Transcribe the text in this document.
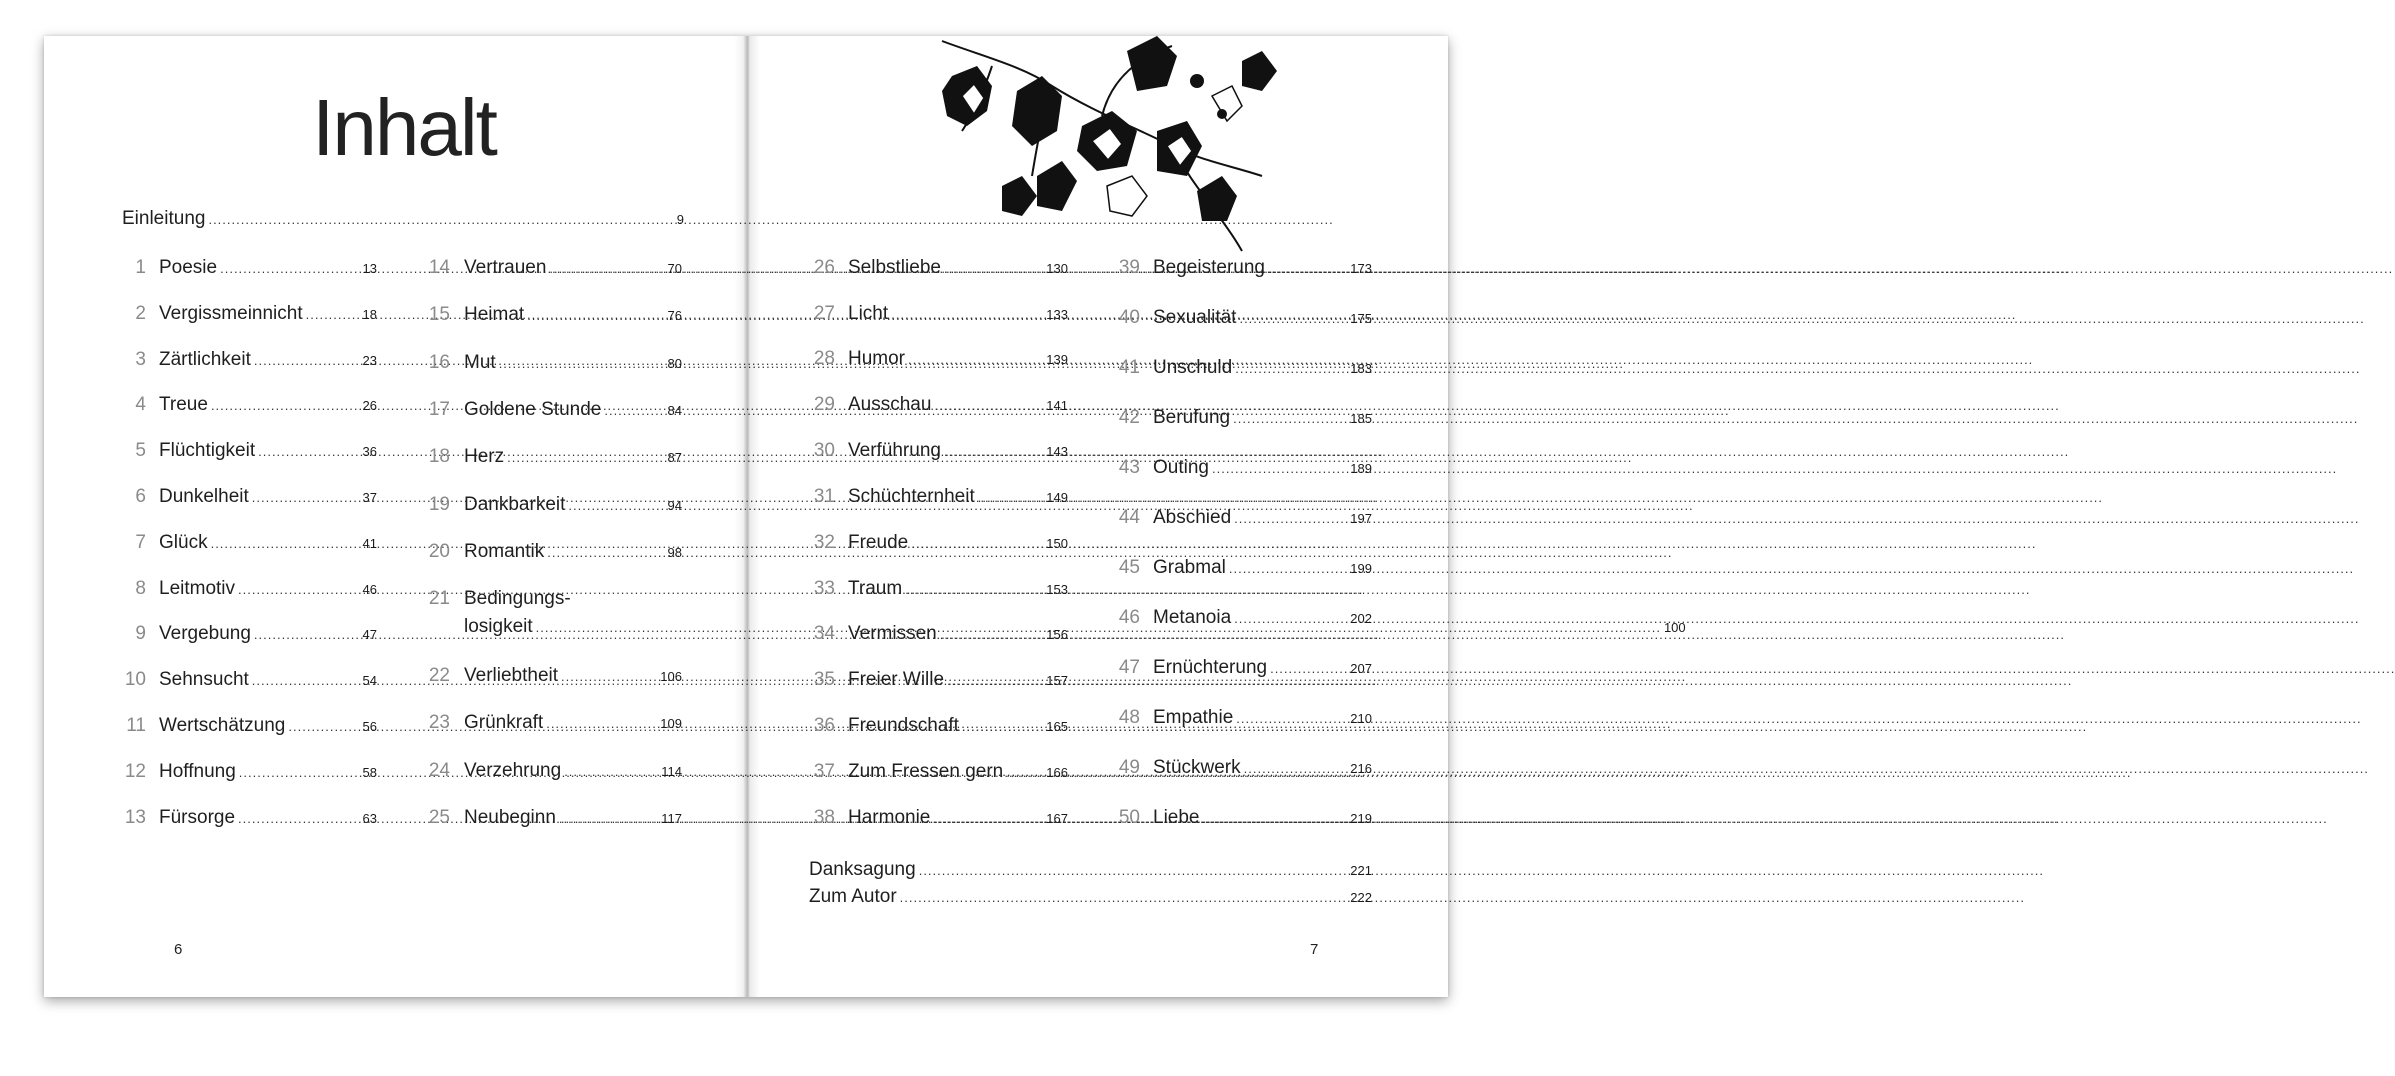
Inhalt
Einleitung .....	9
1 Poesie .....	13
2 Vergissmeinnicht .....	18
3 Zärtlichkeit .....	23
4 Treue .....	26
5 Flüchtigkeit .....	36
6 Dunkelheit .....	37
7 Glück .....	41
8 Leitmotiv .....	46
9 Vergebung .....	47
10 Sehnsucht .....	54
11 Wertschätzung .....	56
12 Hoffnung .....	58
13 Fürsorge .....	63
14 Vertrauen .....	70
15 Heimat .....	76
16 Mut .....	80
17 Goldene Stunde .....	84
18 Herz .....	87
19 Dankbarkeit .....	94
20 Romantik .....	98
21 Bedingungs-
losigkeit .....	100
22 Verliebtheit .....	106
23 Grünkraft .....	109
24 Verzehrung .....	114
25 Neubeginn .....	117
6
26 Selbstliebe .....	130
27 Licht .....	133
28 Humor .....	139
29 Ausschau .....	141
30 Verführung .....	143
31 Schüchternheit .....	149
32 Freude .....	150
33 Traum .....	153
34 Vermissen .....	156
35 Freier Wille .....	157
36 Freundschaft .....	165
37 Zum Fressen gern .....	166
38 Harmonie .....	167
39 Begeisterung .....	173
40 Sexualität .....	175
41 Unschuld .....	183
42 Berufung .....	185
43 Outing .....	189
44 Abschied .....	197
45 Grabmal .....	199
46 Metanoia .....	202
47 Ernüchterung .....	207
48 Empathie .....	210
49 Stückwerk .....	216
50 Liebe .....	219
Danksagung .....	221
Zum Autor .....	222
7
